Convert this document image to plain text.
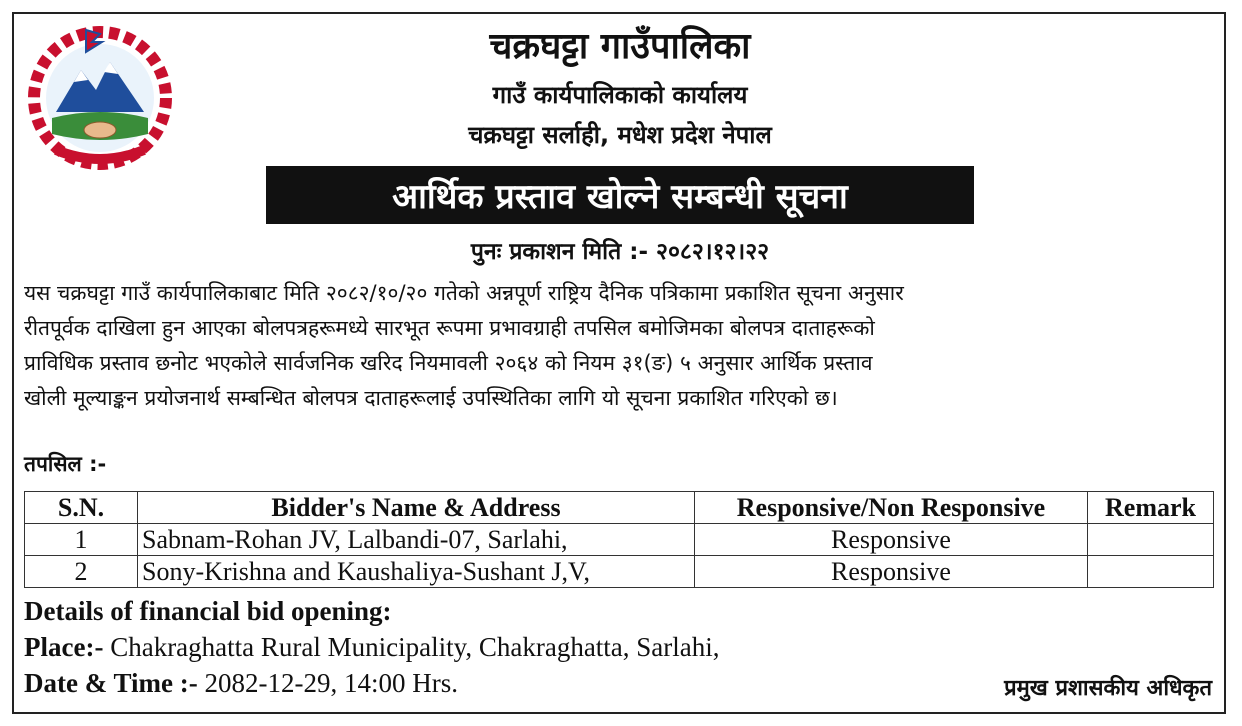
चक्रघट्टा गाउँपालिका
गाउँ कार्यपालिकाको कार्यालय
चक्रघट्टा सर्लाही, मधेश प्रदेश नेपाल
आर्थिक प्रस्ताव खोल्ने सम्बन्धी सूचना
पुनः प्रकाशन मिति :- २०८२।१२।२२

यस चक्रघट्टा गाउँ कार्यपालिकाबाट मिति २०८२/१०/२० गतेको अन्नपूर्ण राष्ट्रिय दैनिक पत्रिकामा प्रकाशित सूचना अनुसार
रीतपूर्वक दाखिला हुन आएका बोलपत्रहरूमध्ये सारभूत रूपमा प्रभावग्राही तपसिल बमोजिमका बोलपत्र दाताहरूको
प्राविधिक प्रस्ताव छनोट भएकोले सार्वजनिक खरिद नियमावली २०६४ को नियम ३१(ङ) ५ अनुसार आर्थिक प्रस्ताव
खोली मूल्याङ्कन प्रयोजनार्थ सम्बन्धित बोलपत्र दाताहरूलाई उपस्थितिका लागि यो सूचना प्रकाशित गरिएको छ।
तपसिल :-
S.N.	Bidder's Name & Address	Responsive/Non Responsive	Remark
1	Sabnam-Rohan JV, Lalbandi-07, Sarlahi,	Responsive	
2	Sony-Krishna and Kaushaliya-Sushant J,V,	Responsive	
Details of financial bid opening:
Place:- Chakraghatta Rural Municipality, Chakraghatta, Sarlahi,
Date & Time :- 2082-12-29, 14:00 Hrs.	प्रमुख प्रशासकीय अधिकृत
